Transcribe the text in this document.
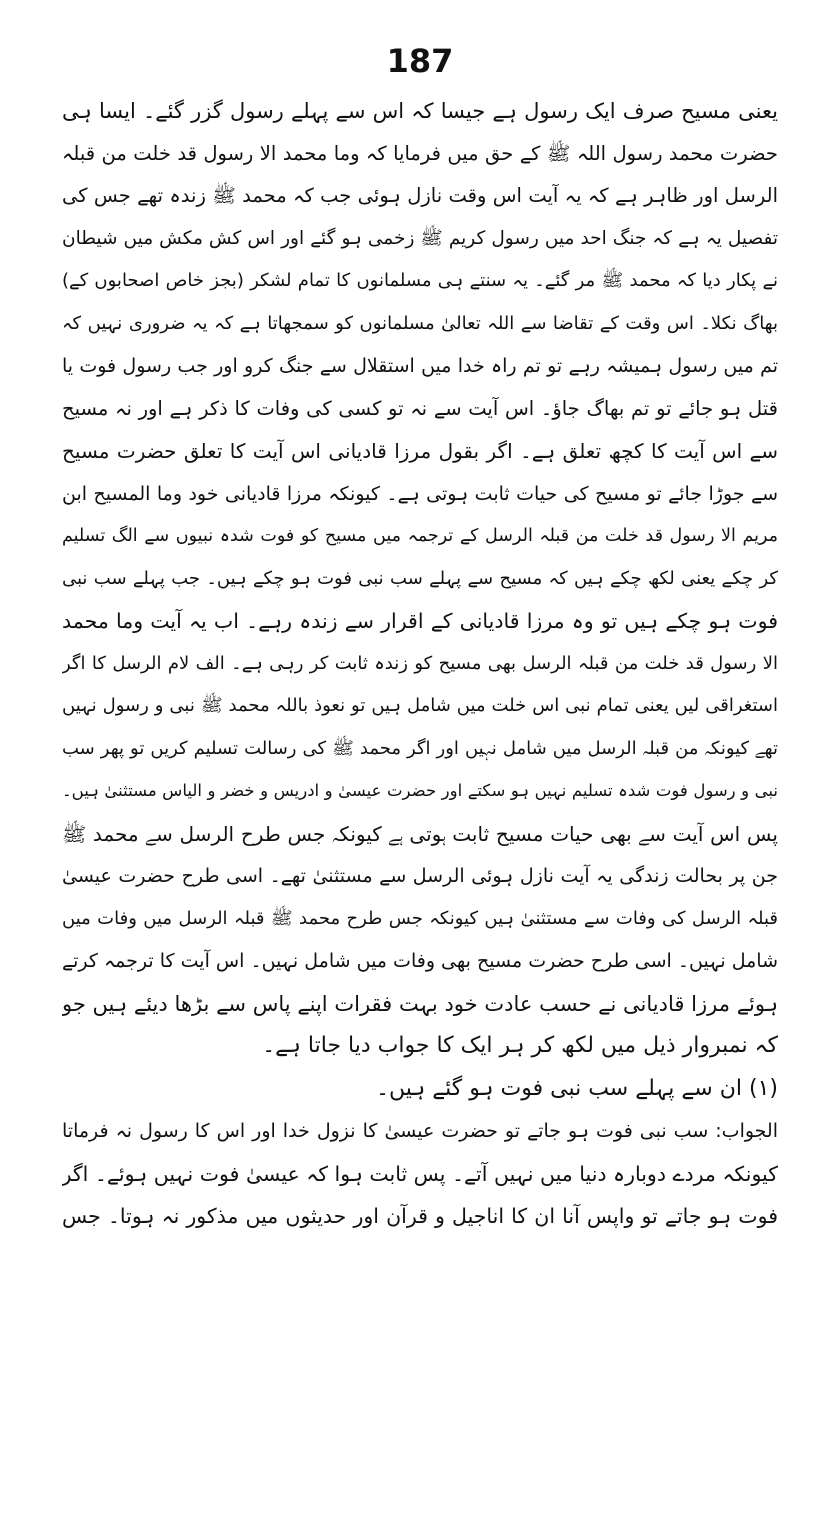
187
یعنی مسیح صرف ایک رسول ہے جیسا کہ اس سے پہلے رسول گزر گئے۔ ایسا ہی
حضرت محمد رسول اللہ ﷺ کے حق میں فرمایا کہ وما محمد الا رسول قد خلت من قبلہ
الرسل اور ظاہر ہے کہ یہ آیت اس وقت نازل ہوئی جب کہ محمد ﷺ زندہ تھے جس کی
تفصیل یہ ہے کہ جنگ احد میں رسول کریم ﷺ زخمی ہو گئے اور اس کش مکش میں شیطان
نے پکار دیا کہ محمد ﷺ مر گئے۔ یہ سنتے ہی مسلمانوں کا تمام لشکر (بجز خاص اصحابوں کے)
بھاگ نکلا۔ اس وقت کے تقاضا سے اللہ تعالیٰ مسلمانوں کو سمجھاتا ہے کہ یہ ضروری نہیں کہ
تم میں رسول ہمیشہ رہے تو تم راہ خدا میں استقلال سے جنگ کرو اور جب رسول فوت یا
قتل ہو جائے تو تم بھاگ جاؤ۔ اس آیت سے نہ تو کسی کی وفات کا ذکر ہے اور نہ مسیح
سے اس آیت کا کچھ تعلق ہے۔ اگر بقول مرزا قادیانی اس آیت کا تعلق حضرت مسیح
سے جوڑا جائے تو مسیح کی حیات ثابت ہوتی ہے۔ کیونکہ مرزا قادیانی خود وما المسیح ابن
مریم الا رسول قد خلت من قبلہ الرسل کے ترجمہ میں مسیح کو فوت شدہ نبیوں سے الگ تسلیم
کر چکے یعنی لکھ چکے ہیں کہ مسیح سے پہلے سب نبی فوت ہو چکے ہیں۔ جب پہلے سب نبی
فوت ہو چکے ہیں تو وہ مرزا قادیانی کے اقرار سے زندہ رہے۔ اب یہ آیت وما محمد
الا رسول قد خلت من قبلہ الرسل بھی مسیح کو زندہ ثابت کر رہی ہے۔ الف لام الرسل کا اگر
استغراقی لیں یعنی تمام نبی اس خلت میں شامل ہیں تو نعوذ باللہ محمد ﷺ نبی و رسول نہیں
تھے کیونکہ من قبلہ الرسل میں شامل نہیں اور اگر محمد ﷺ کی رسالت تسلیم کریں تو پھر سب
نبی و رسول فوت شدہ تسلیم نہیں ہو سکتے اور حضرت عیسیٰ و ادریس و خضر و الیاس مستثنیٰ ہیں۔
پس اس آیت سے بھی حیات مسیح ثابت ہوتی ہے کیونکہ جس طرح الرسل سے محمد ﷺ
جن پر بحالت زندگی یہ آیت نازل ہوئی الرسل سے مستثنیٰ تھے۔ اسی طرح حضرت عیسیٰ
قبلہ الرسل کی وفات سے مستثنیٰ ہیں کیونکہ جس طرح محمد ﷺ قبلہ الرسل میں وفات میں
شامل نہیں۔ اسی طرح حضرت مسیح بھی وفات میں شامل نہیں۔ اس آیت کا ترجمہ کرتے
ہوئے مرزا قادیانی نے حسب عادت خود بہت فقرات اپنے پاس سے بڑھا دیئے ہیں جو
کہ نمبروار ذیل میں لکھ کر ہر ایک کا جواب دیا جاتا ہے۔
(۱) ان سے پہلے سب نبی فوت ہو گئے ہیں۔
الجواب: سب نبی فوت ہو جاتے تو حضرت عیسیٰ کا نزول خدا اور اس کا رسول نہ فرماتا
کیونکہ مردے دوبارہ دنیا میں نہیں آتے۔ پس ثابت ہوا کہ عیسیٰ فوت نہیں ہوئے۔ اگر
فوت ہو جاتے تو واپس آنا ان کا اناجیل و قرآن اور حدیثوں میں مذکور نہ ہوتا۔ جس
